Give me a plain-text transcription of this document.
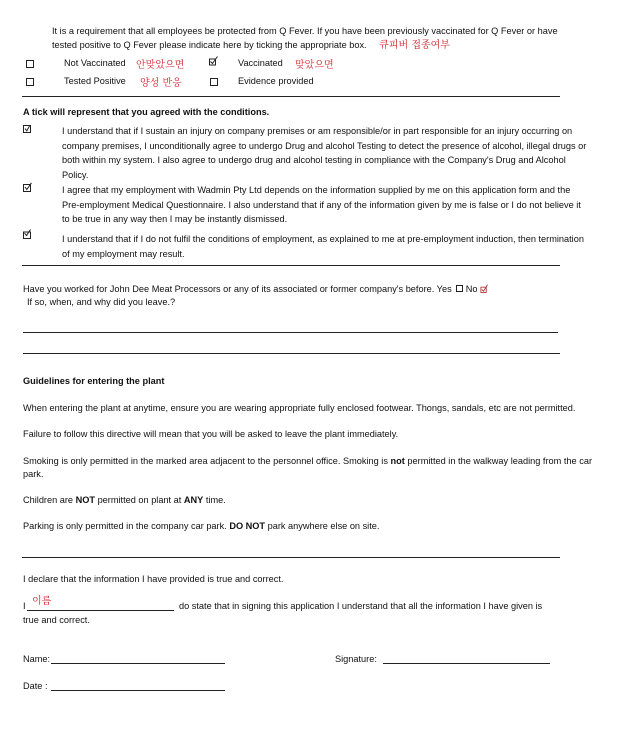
It is a requirement that all employees be protected from Q Fever. If you have been previously vaccinated for Q Fever or have tested positive to Q Fever please indicate here by ticking the appropriate box. 큐피버 접종여부
Not Vaccinated 안맞았으면	Vaccinated 맞았으면
Tested Positive 양성 반응	Evidence provided
A tick will represent that you agreed with the conditions.
I understand that if I sustain an injury on company premises or am responsible/or in part responsible for an injury occurring on company premises, I unconditionally agree to undergo Drug and alcohol Testing to detect the presence of alcohol, illegal drugs or both within my system. I also agree to undergo drug and alcohol testing in compliance with the Company's Drug and Alcohol Policy.
I agree that my employment with Wadmin Pty Ltd depends on the information supplied by me on this application form and the Pre-employment Medical Questionnaire. I also understand that if any of the information given by me is false or I do not believe it to be true in any way then I may be instantly dismissed.
I understand that if I do not fulfil the conditions of employment, as explained to me at pre-employment induction, then termination of my employment may result.
Have you worked for John Dee Meat Processors or any of its associated or former company's before. Yes No
If so, when, and why did you leave.?
Guidelines for entering the plant
When entering the plant at anytime, ensure you are wearing appropriate fully enclosed footwear. Thongs, sandals, etc are not permitted.
Failure to follow this directive will mean that you will be asked to leave the plant immediately.
Smoking is only permitted in the marked area adjacent to the personnel office. Smoking is not permitted in the walkway leading from the car park.
Children are NOT permitted on plant at ANY time.
Parking is only permitted in the company car park. DO NOT park anywhere else on site.
I declare that the information I have provided is true and correct.
I 이름	do state that in signing this application I understand that all the information I have given is
true and correct.
Name:	Signature:
Date :
